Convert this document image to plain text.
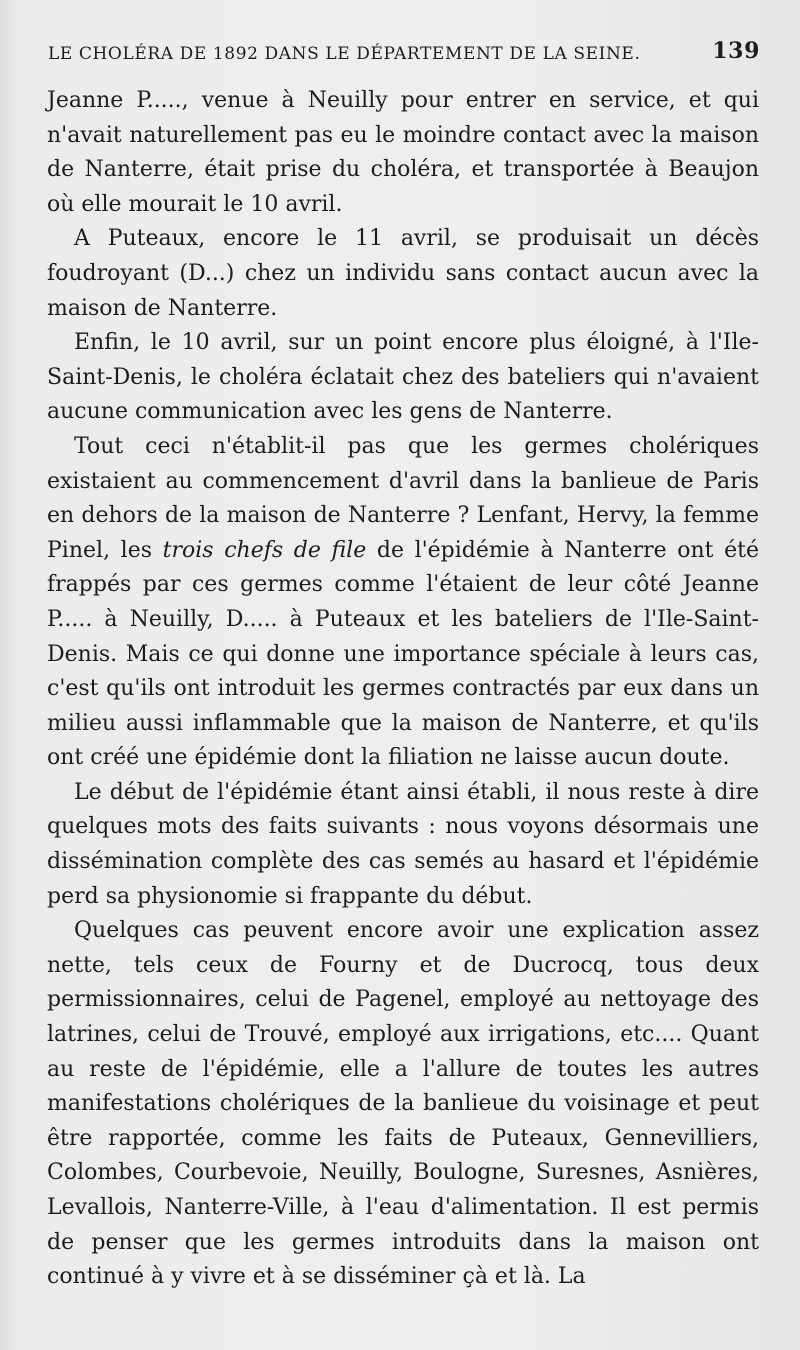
LE CHOLÉRA DE 1892 DANS LE DÉPARTEMENT DE LA SEINE.	139

Jeanne P....., venue à Neuilly pour entrer en service, et qui n'avait naturellement pas eu le moindre contact avec la maison de Nanterre, était prise du choléra, et transportée à Beaujon où elle mourait le 10 avril.

A Puteaux, encore le 11 avril, se produisait un décès foudroyant (D...) chez un individu sans contact aucun avec la maison de Nanterre.

Enfin, le 10 avril, sur un point encore plus éloigné, à l'Ile-Saint-Denis, le choléra éclatait chez des bateliers qui n'avaient aucune communication avec les gens de Nanterre.

Tout ceci n'établit-il pas que les germes cholériques existaient au commencement d'avril dans la banlieue de Paris en dehors de la maison de Nanterre ? Lenfant, Hervy, la femme Pinel, les trois chefs de file de l'épidémie à Nanterre ont été frappés par ces germes comme l'étaient de leur côté Jeanne P..... à Neuilly, D..... à Puteaux et les bateliers de l'Ile-Saint-Denis. Mais ce qui donne une importance spéciale à leurs cas, c'est qu'ils ont introduit les germes contractés par eux dans un milieu aussi inflammable que la maison de Nanterre, et qu'ils ont créé une épidémie dont la filiation ne laisse aucun doute.

Le début de l'épidémie étant ainsi établi, il nous reste à dire quelques mots des faits suivants : nous voyons désormais une dissémination complète des cas semés au hasard et l'épidémie perd sa physionomie si frappante du début.

Quelques cas peuvent encore avoir une explication assez nette, tels ceux de Fourny et de Ducrocq, tous deux permissionnaires, celui de Pagenel, employé au nettoyage des latrines, celui de Trouvé, employé aux irrigations, etc.... Quant au reste de l'épidémie, elle a l'allure de toutes les autres manifestations cholériques de la banlieue du voisinage et peut être rapportée, comme les faits de Puteaux, Gennevilliers, Colombes, Courbevoie, Neuilly, Boulogne, Suresnes, Asnières, Levallois, Nanterre-Ville, à l'eau d'alimentation. Il est permis de penser que les germes introduits dans la maison ont continué à y vivre et à se disséminer çà et là. La
